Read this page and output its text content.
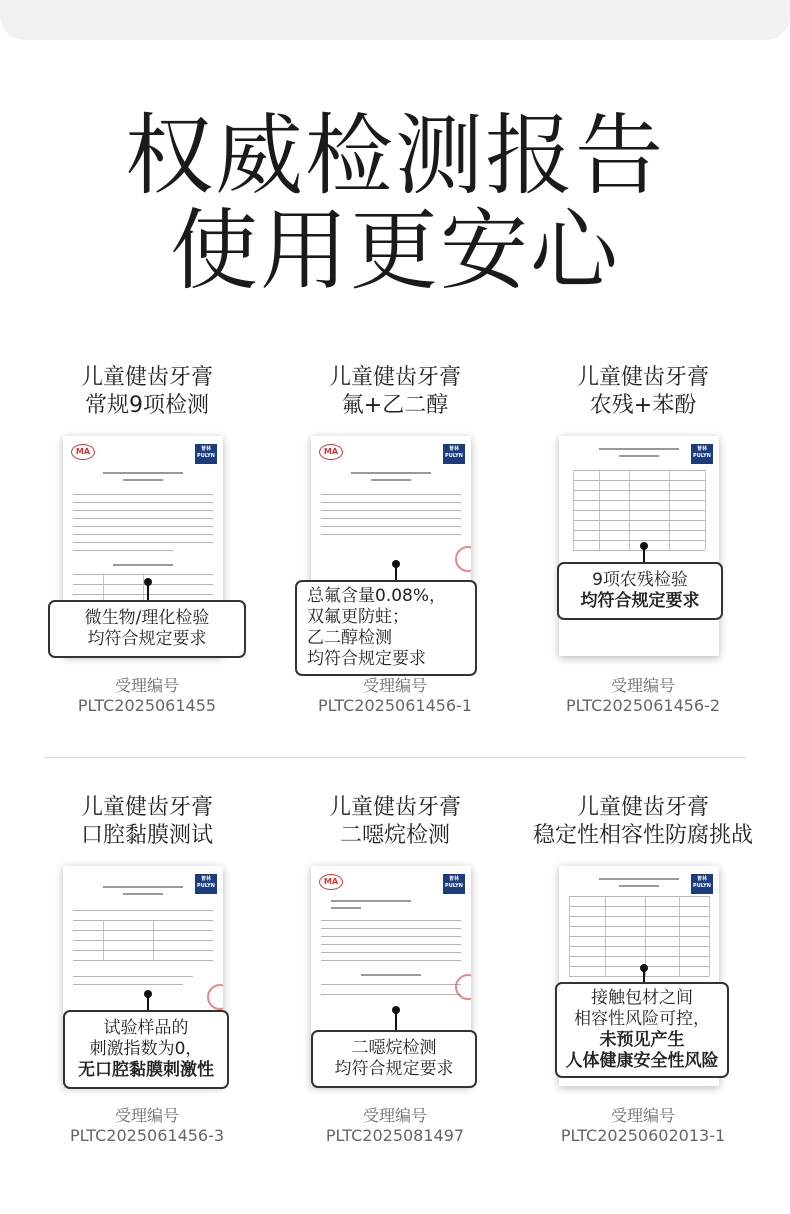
权威检测报告
使用更安心
儿童健齿牙膏
常规9项检测
MA	普林
PULYN
微生物/理化检验
均符合规定要求
受理编号
PLTC2025061455
儿童健齿牙膏
氟+乙二醇
MA	普林
PULYN
总氟含量0.08%，
双氟更防蛀；
乙二醇检测
均符合规定要求
受理编号
PLTC2025061456-1
儿童健齿牙膏
农残+苯酚
普林
PULYN
9项农残检验
均符合规定要求
受理编号
PLTC2025061456-2
儿童健齿牙膏
口腔黏膜测试
普林
PULYN
试验样品的
刺激指数为0，
无口腔黏膜刺激性
受理编号
PLTC2025061456-3
儿童健齿牙膏
二噁烷检测
MA	普林
PULYN
二噁烷检测
均符合规定要求
受理编号
PLTC2025081497
儿童健齿牙膏
稳定性相容性防腐挑战
普林
PULYN
接触包材之间
相容性风险可控，
未预见产生
人体健康安全性风险
受理编号
PLTC20250602013-1
